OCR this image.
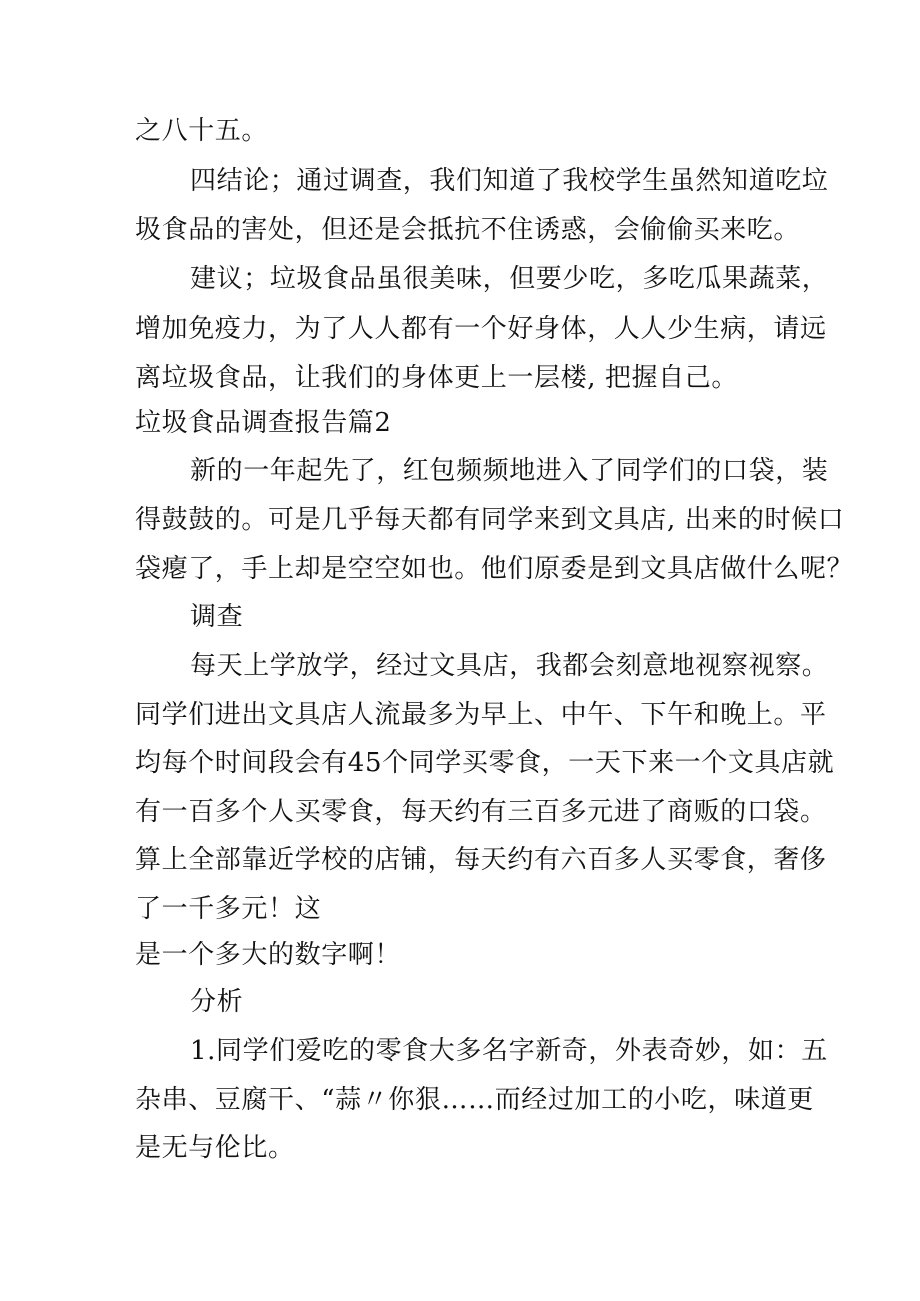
之八十五。
四结论；通过调查，我们知道了我校学生虽然知道吃垃
圾食品的害处，但还是会抵抗不住诱惑，会偷偷买来吃。
建议；垃圾食品虽很美味，但要少吃，多吃瓜果蔬菜，
增加免疫力，为了人人都有一个好身体，人人少生病，请远
离垃圾食品，让我们的身体更上一层楼, 把握自己。
垃圾食品调查报告篇2
新的一年起先了，红包频频地进入了同学们的口袋，装
得鼓鼓的。可是几乎每天都有同学来到文具店, 出来的时候口
袋瘪了，手上却是空空如也。他们原委是到文具店做什么呢？
调查
每天上学放学，经过文具店，我都会刻意地视察视察。
同学们进出文具店人流最多为早上、中午、下午和晚上。平
均每个时间段会有45个同学买零食，一天下来一个文具店就
有一百多个人买零食，每天约有三百多元进了商贩的口袋。
算上全部靠近学校的店铺，每天约有六百多人买零食，奢侈
了一千多元！这
是一个多大的数字啊！
分析
1.同学们爱吃的零食大多名字新奇，外表奇妙，如：五
杂串、豆腐干、“蒜〃你狠……而经过加工的小吃，味道更
是无与伦比。
